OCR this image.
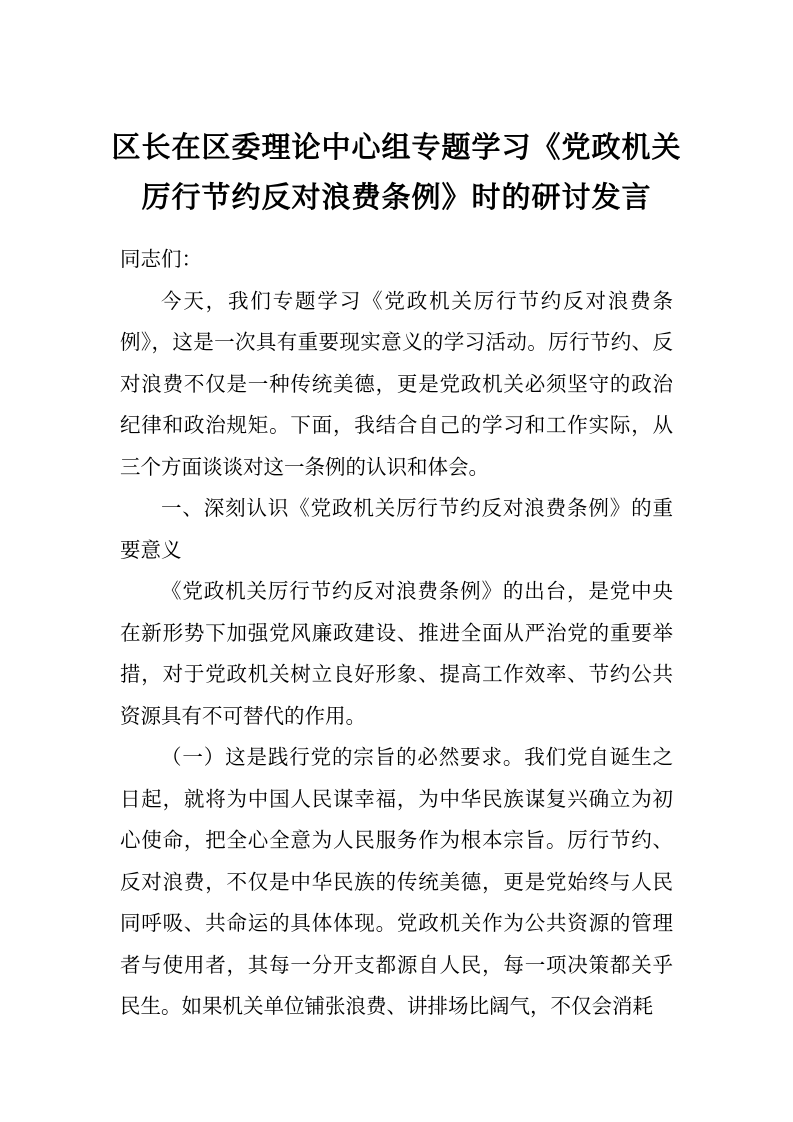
区长在区委理论中心组专题学习《党政机关
厉行节约反对浪费条例》时的研讨发言

同志们：

今天，我们专题学习《党政机关厉行节约反对浪费条例》，这是一次具有重要现实意义的学习活动。厉行节约、反对浪费不仅是一种传统美德，更是党政机关必须坚守的政治纪律和政治规矩。下面，我结合自己的学习和工作实际，从三个方面谈谈对这一条例的认识和体会。

一、深刻认识《党政机关厉行节约反对浪费条例》的重要意义

《党政机关厉行节约反对浪费条例》的出台，是党中央在新形势下加强党风廉政建设、推进全面从严治党的重要举措，对于党政机关树立良好形象、提高工作效率、节约公共资源具有不可替代的作用。

（一）这是践行党的宗旨的必然要求。我们党自诞生之日起，就将为中国人民谋幸福，为中华民族谋复兴确立为初心使命，把全心全意为人民服务作为根本宗旨。厉行节约、反对浪费，不仅是中华民族的传统美德，更是党始终与人民同呼吸、共命运的具体体现。党政机关作为公共资源的管理者与使用者，其每一分开支都源自人民，每一项决策都关乎民生。如果机关单位铺张浪费、讲排场比阔气，不仅会消耗
